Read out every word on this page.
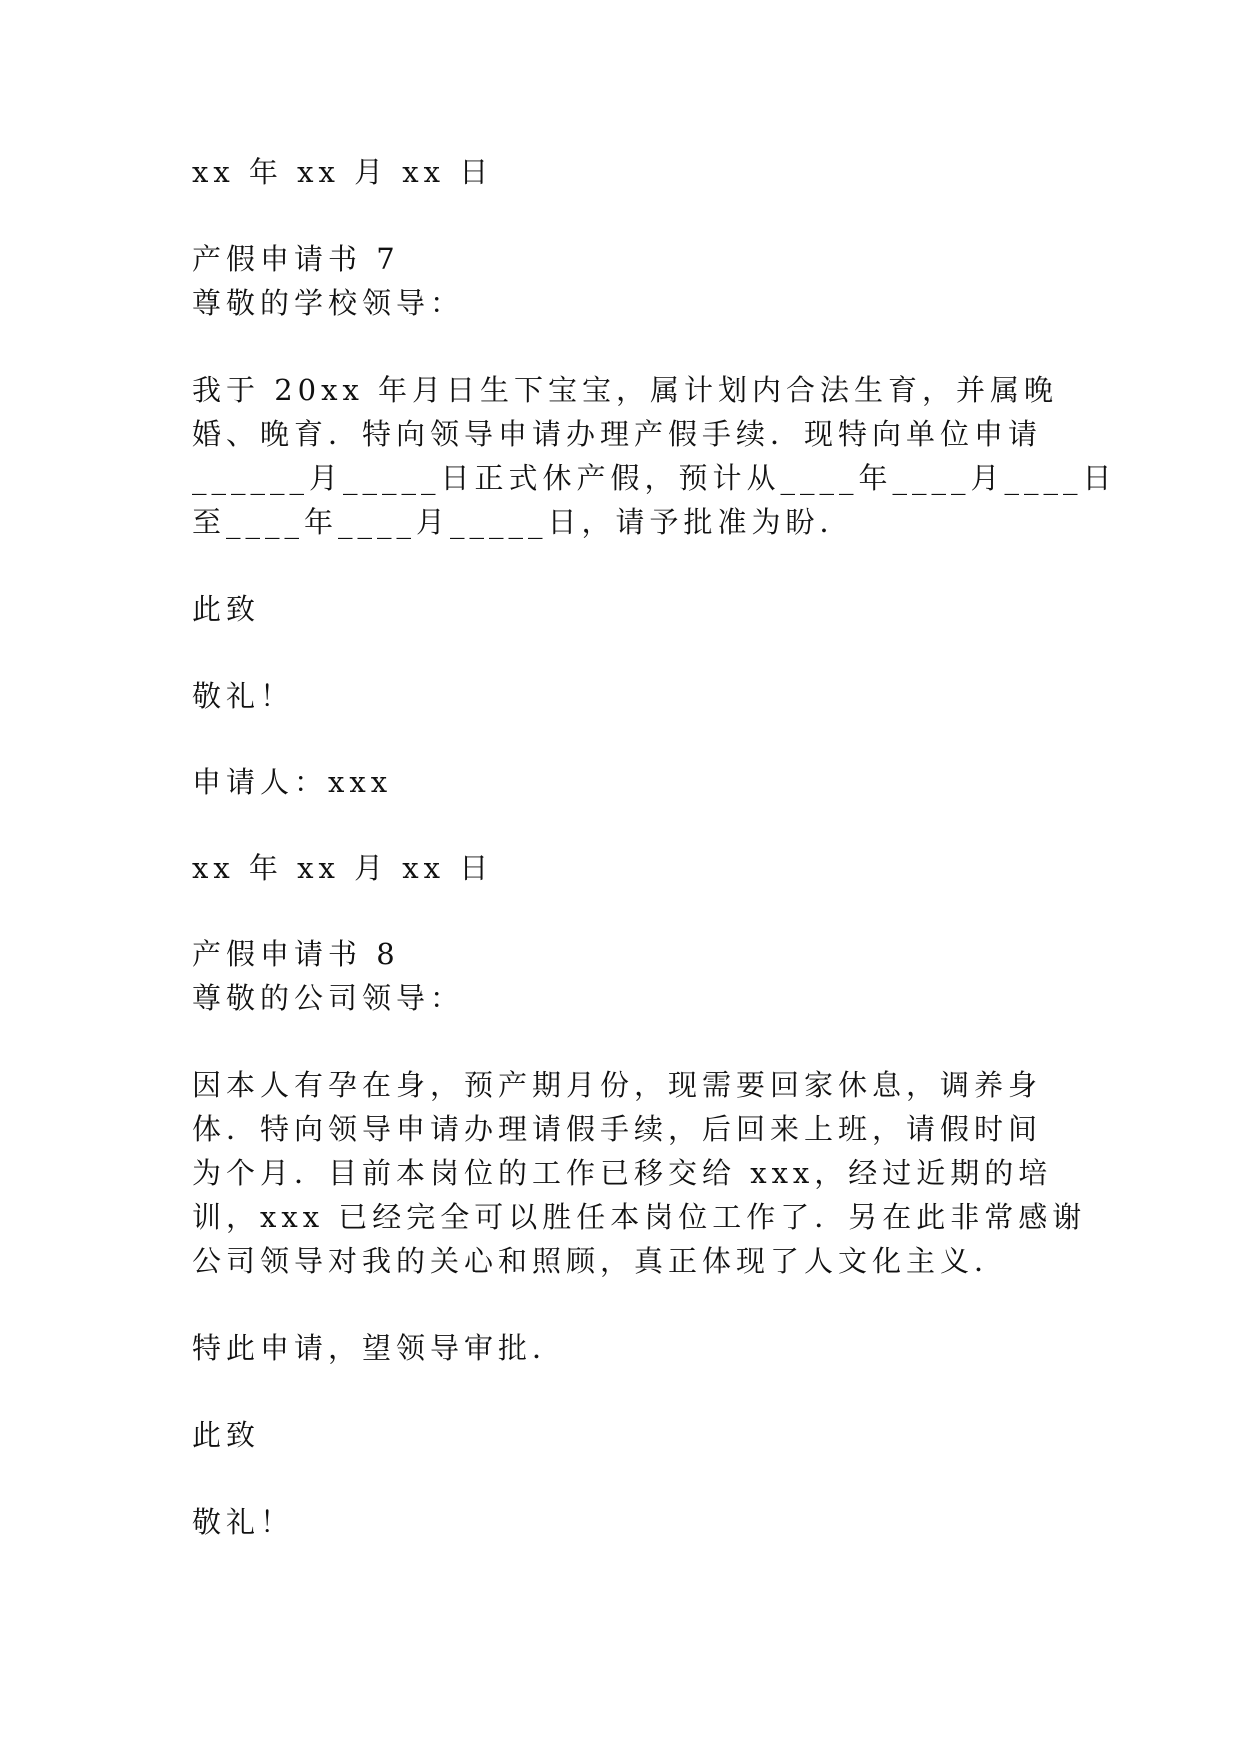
xx 年 xx 月 xx 日

产假申请书 7

尊敬的学校领导：

我于 20xx 年月日生下宝宝，属计划内合法生育，并属晚

婚、晚育．特向领导申请办理产假手续．现特向单位申请

______月_____日正式休产假，预计从____年____月____日

至____年____月_____日，请予批准为盼．

此致

敬礼！

申请人：xxx

xx 年 xx 月 xx 日

产假申请书 8

尊敬的公司领导：

因本人有孕在身，预产期月份，现需要回家休息，调养身

体．特向领导申请办理请假手续，后回来上班，请假时间

为个月．目前本岗位的工作已移交给 xxx，经过近期的培

训，xxx 已经完全可以胜任本岗位工作了．另在此非常感谢

公司领导对我的关心和照顾，真正体现了人文化主义．

特此申请，望领导审批．

此致

敬礼！
